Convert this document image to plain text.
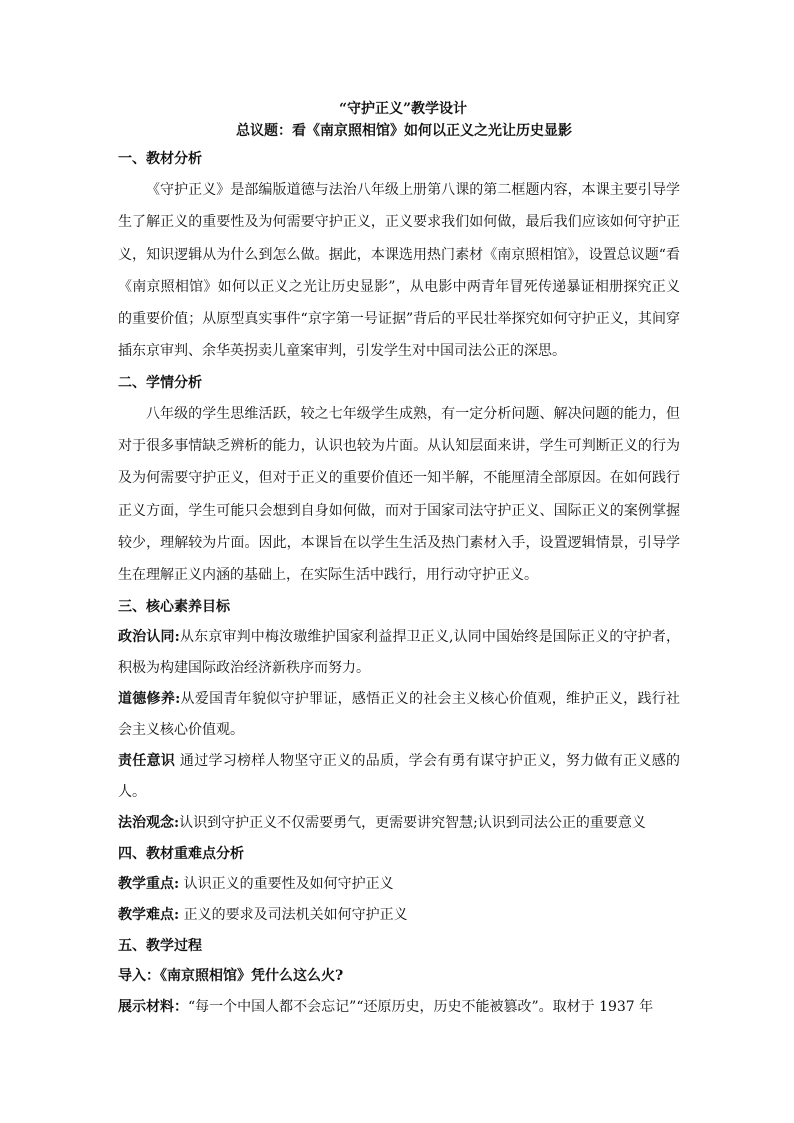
“守护正义”教学设计
总议题：看《南京照相馆》如何以正义之光让历史显影
一、教材分析

《守护正义》是部编版道德与法治八年级上册第八课的第二框题内容，本课主要引导学生了解正义的重要性及为何需要守护正义，正义要求我们如何做，最后我们应该如何守护正义，知识逻辑从为什么到怎么做。据此，本课选用热门素材《南京照相馆》，设置总议题“看《南京照相馆》如何以正义之光让历史显影”，从电影中两青年冒死传递暴证相册探究正义的重要价值；从原型真实事件“京字第一号证据”背后的平民壮举探究如何守护正义，其间穿插东京审判、余华英拐卖儿童案审判，引发学生对中国司法公正的深思。

二、学情分析

八年级的学生思维活跃，较之七年级学生成熟，有一定分析问题、解决问题的能力，但对于很多事情缺乏辨析的能力，认识也较为片面。从认知层面来讲，学生可判断正义的行为及为何需要守护正义，但对于正义的重要价值还一知半解，不能厘清全部原因。在如何践行正义方面，学生可能只会想到自身如何做，而对于国家司法守护正义、国际正义的案例掌握较少，理解较为片面。因此，本课旨在以学生生活及热门素材入手，设置逻辑情景，引导学生在理解正义内涵的基础上，在实际生活中践行，用行动守护正义。

三、核心素养目标

政治认同:从东京审判中梅汝璈维护国家利益捍卫正义,认同中国始终是国际正义的守护者，积极为构建国际政治经济新秩序而努力。

道德修养:从爱国青年貌似守护罪证，感悟正义的社会主义核心价值观，维护正义，践行社会主义核心价值观。

责任意识 通过学习榜样人物坚守正义的品质，学会有勇有谋守护正义，努力做有正义感的人。

法治观念:认识到守护正义不仅需要勇气，更需要讲究智慧;认识到司法公正的重要意义

四、教材重难点分析

教学重点: 认识正义的重要性及如何守护正义

教学难点: 正义的要求及司法机关如何守护正义

五、教学过程

导入：《南京照相馆》凭什么这么火?

展示材料：“每一个中国人都不会忘记”“还原历史，历史不能被篡改”。取材于 1937 年
